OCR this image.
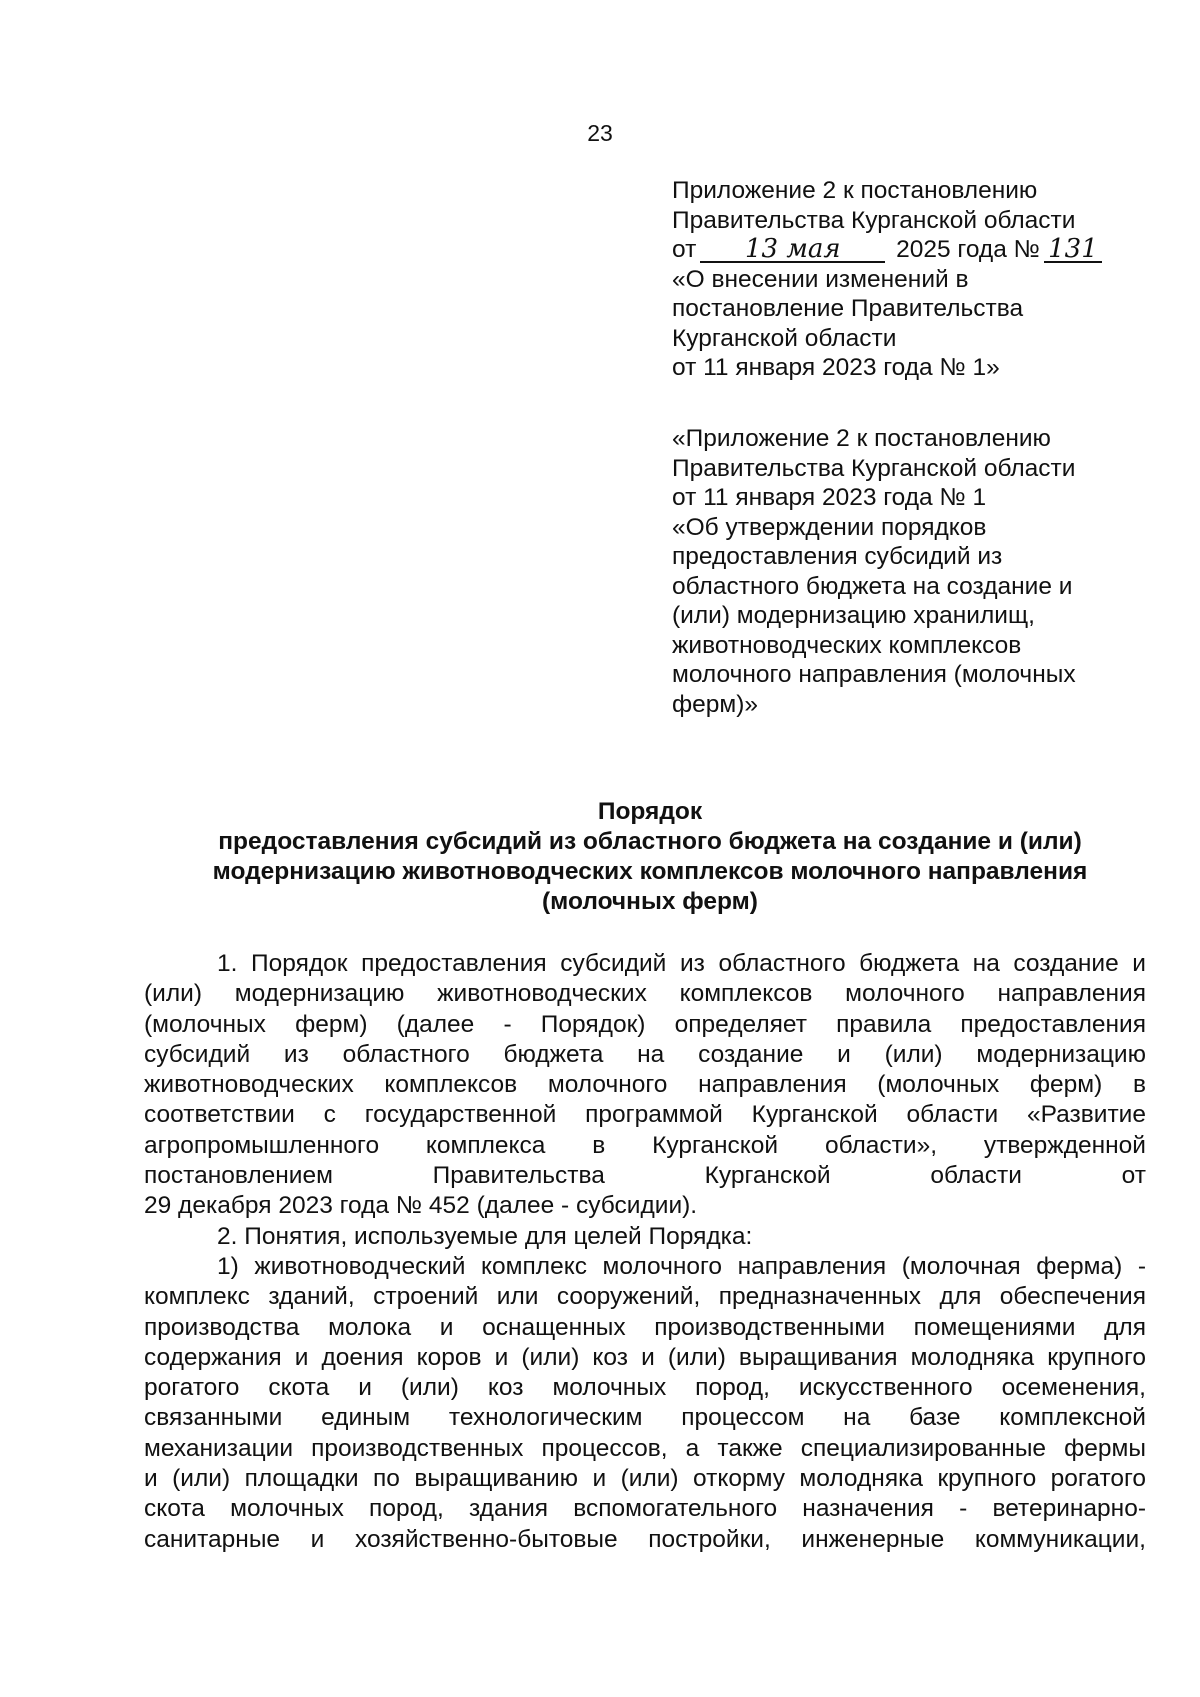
23
Приложение 2 к постановлению
Правительства Курганской области
от 13 мая 2025 года № 131
«О внесении изменений в
постановление Правительства
Курганской области
от 11 января 2023 года № 1»
«Приложение 2 к постановлению
Правительства Курганской области
от 11 января 2023 года № 1
«Об утверждении порядков
предоставления субсидий из
областного бюджета на создание и
(или) модернизацию хранилищ,
животноводческих комплексов
молочного направления (молочных
ферм)»
Порядок
предоставления субсидий из областного бюджета на создание и (или)
модернизацию животноводческих комплексов молочного направления
(молочных ферм)
1. Порядок предоставления субсидий из областного бюджета на создание и
(или) модернизацию животноводческих комплексов молочного направления
(молочных ферм) (далее - Порядок) определяет правила предоставления
субсидий из областного бюджета на создание и (или) модернизацию
животноводческих комплексов молочного направления (молочных ферм) в
соответствии с государственной программой Курганской области «Развитие
агропромышленного комплекса в Курганской области», утвержденной
постановлением Правительства Курганской области от
29 декабря 2023 года № 452 (далее - субсидии).
2. Понятия, используемые для целей Порядка:
1) животноводческий комплекс молочного направления (молочная ферма) -
комплекс зданий, строений или сооружений, предназначенных для обеспечения
производства молока и оснащенных производственными помещениями для
содержания и доения коров и (или) коз и (или) выращивания молодняка крупного
рогатого скота и (или) коз молочных пород, искусственного осеменения,
связанными единым технологическим процессом на базе комплексной
механизации производственных процессов, а также специализированные фермы
и (или) площадки по выращиванию и (или) откорму молодняка крупного рогатого
скота молочных пород, здания вспомогательного назначения - ветеринарно-
санитарные и хозяйственно-бытовые постройки, инженерные коммуникации,
